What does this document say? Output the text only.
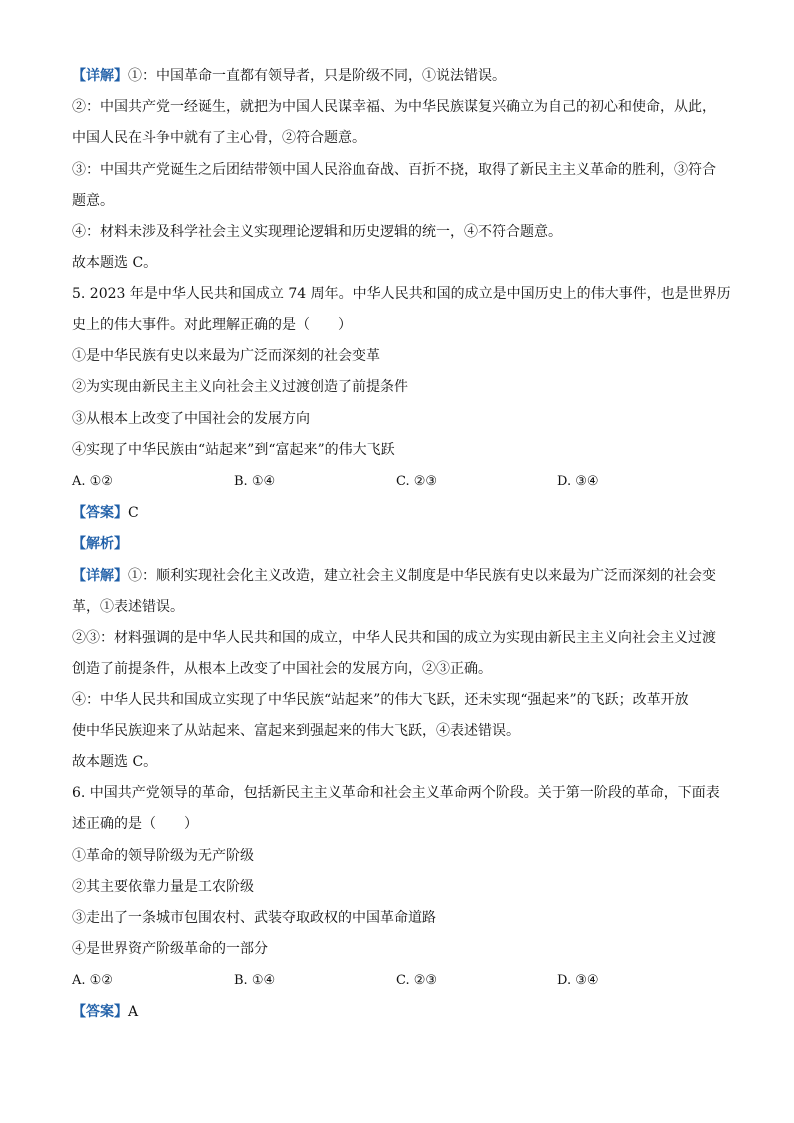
【详解】①：中国革命一直都有领导者，只是阶级不同，①说法错误。
②：中国共产党一经诞生，就把为中国人民谋幸福、为中华民族谋复兴确立为自己的初心和使命，从此，
中国人民在斗争中就有了主心骨，②符合题意。
③：中国共产党诞生之后团结带领中国人民浴血奋战、百折不挠，取得了新民主主义革命的胜利，③符合
题意。
④：材料未涉及科学社会主义实现理论逻辑和历史逻辑的统一，④不符合题意。
故本题选 C。
5. 2023 年是中华人民共和国成立 74 周年。中华人民共和国的成立是中国历史上的伟大事件，也是世界历
史上的伟大事件。对此理解正确的是（　　）
①是中华民族有史以来最为广泛而深刻的社会变革
②为实现由新民主主义向社会主义过渡创造了前提条件
③从根本上改变了中国社会的发展方向
④实现了中华民族由“站起来”到“富起来”的伟大飞跃
A. ①②	B. ①④	C. ②③	D. ③④
【答案】C
【解析】
【详解】①：顺利实现社会化主义改造，建立社会主义制度是中华民族有史以来最为广泛而深刻的社会变
革，①表述错误。
②③：材料强调的是中华人民共和国的成立，中华人民共和国的成立为实现由新民主主义向社会主义过渡
创造了前提条件，从根本上改变了中国社会的发展方向，②③正确。
④：中华人民共和国成立实现了中华民族“站起来”的伟大飞跃，还未实现“强起来”的飞跃；改革开放
使中华民族迎来了从站起来、富起来到强起来的伟大飞跃，④表述错误。
故本题选 C。
6. 中国共产党领导的革命，包括新民主主义革命和社会主义革命两个阶段。关于第一阶段的革命，下面表
述正确的是（　　）
①革命的领导阶级为无产阶级
②其主要依靠力量是工农阶级
③走出了一条城市包围农村、武装夺取政权的中国革命道路
④是世界资产阶级革命的一部分
A. ①②	B. ①④	C. ②③	D. ③④
【答案】A
